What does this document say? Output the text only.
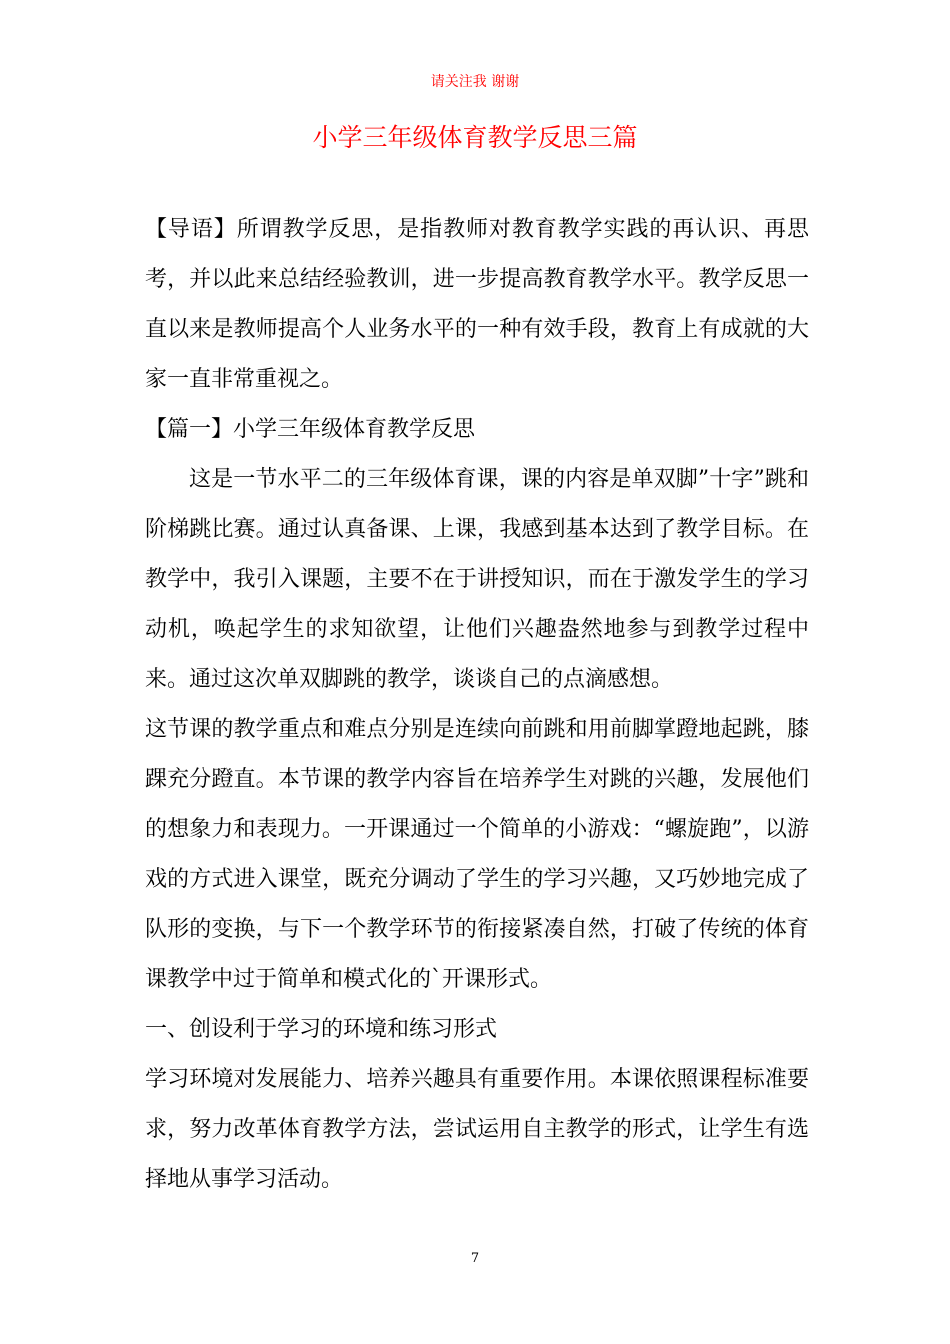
请关注我 谢谢
小学三年级体育教学反思三篇

【导语】所谓教学反思，是指教师对教育教学实践的再认识、再思考，并以此来总结经验教训，进一步提高教育教学水平。教学反思一直以来是教师提高个人业务水平的一种有效手段，教育上有成就的大家一直非常重视之。

【篇一】小学三年级体育教学反思

这是一节水平二的三年级体育课，课的内容是单双脚”十字”跳和阶梯跳比赛。通过认真备课、上课，我感到基本达到了教学目标。在教学中，我引入课题，主要不在于讲授知识，而在于激发学生的学习动机，唤起学生的求知欲望，让他们兴趣盎然地参与到教学过程中来。通过这次单双脚跳的教学，谈谈自己的点滴感想。

这节课的教学重点和难点分别是连续向前跳和用前脚掌蹬地起跳，膝踝充分蹬直。本节课的教学内容旨在培养学生对跳的兴趣，发展他们的想象力和表现力。一开课通过一个简单的小游戏：“螺旋跑”，以游戏的方式进入课堂，既充分调动了学生的学习兴趣，又巧妙地完成了队形的变换，与下一个教学环节的衔接紧凑自然，打破了传统的体育课教学中过于简单和模式化的`开课形式。

一、创设利于学习的环境和练习形式

学习环境对发展能力、培养兴趣具有重要作用。本课依照课程标准要求，努力改革体育教学方法，尝试运用自主教学的形式，让学生有选择地从事学习活动。

7
